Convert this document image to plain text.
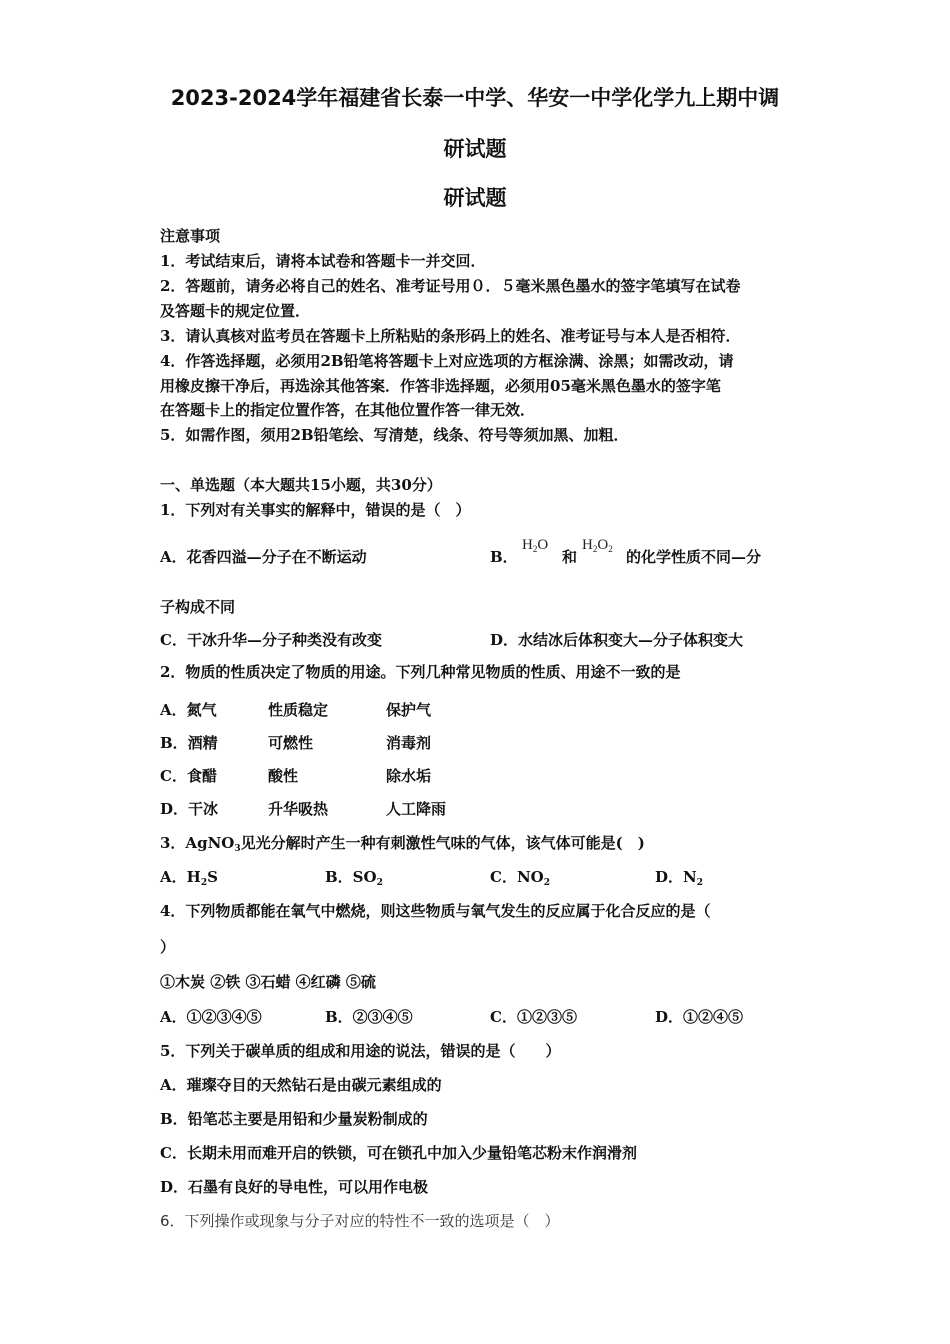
2023-2024学年福建省长泰一中学、华安一中学化学九上期中调
研试题
研试题
注意事项
1．考试结束后，请将本试卷和答题卡一并交回．
2．答题前，请务必将自己的姓名、准考证号用０．５毫米黑色墨水的签字笔填写在试卷
及答题卡的规定位置．
3．请认真核对监考员在答题卡上所粘贴的条形码上的姓名、准考证号与本人是否相符．
4．作答选择题，必须用2B铅笔将答题卡上对应选项的方框涂满、涂黑；如需改动，请
用橡皮擦干净后，再选涂其他答案．作答非选择题，必须用05毫米黑色墨水的签字笔
在答题卡上的指定位置作答，在其他位置作答一律无效．
5．如需作图，须用2B铅笔绘、写清楚，线条、符号等须加黑、加粗．
一、单选题（本大题共15小题，共30分）
1．下列对有关事实的解释中，错误的是（　）
A．花香四溢—分子在不断运动	B．
$H_2O$
和
$H_2O_2$ 的化学性质不同—分
子构成不同
C．干冰升华—分子种类没有改变	D．水结冰后体积变大—分子体积变大
2．物质的性质决定了物质的用途。下列几种常见物质的性质、用途不一致的是
A．氮气	性质稳定	保护气
B．酒精	可燃性	消毒剂
C．食醋	酸性	除水垢
D．干冰	升华吸热	人工降雨
3．AgNO$_3$见光分解时产生一种有刺激性气味的气体，该气体可能是(　)
A．$H_2S$	B．$SO_2$	C．$NO_2$	D．$N_2$
4．下列物质都能在氧气中燃烧，则这些物质与氧气发生的反应属于化合反应的是（
）
①木炭 ②铁 ③石蜡 ④红磷 ⑤硫
A．①②③④⑤	B．②③④⑤	C．①②③⑤	D．①②④⑤
5．下列关于碳单质的组成和用途的说法，错误的是（　　）
A．璀璨夺目的天然钻石是由碳元素组成的
B．铅笔芯主要是用铅和少量炭粉制成的
C．长期未用而难开启的铁锁，可在锁孔中加入少量铅笔芯粉末作润滑剂
D．石墨有良好的导电性，可以用作电极
6．下列操作或现象与分子对应的特性不一致的选项是（　）
